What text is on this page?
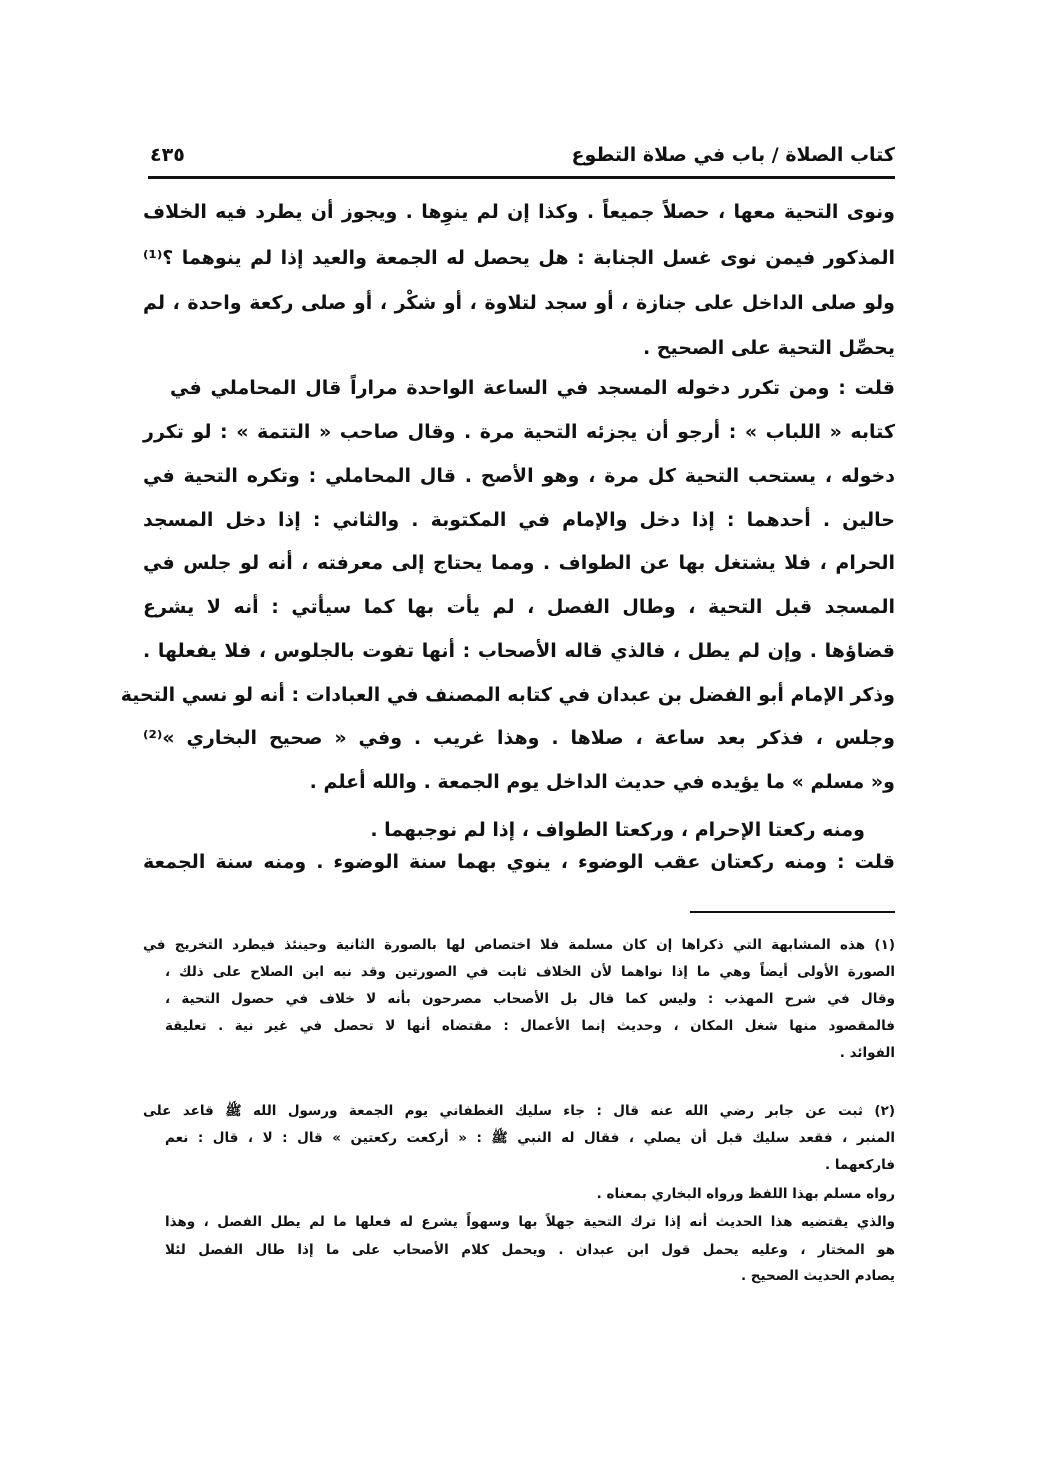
كتاب الصلاة / باب في صلاة التطوع
٤٣٥
ونوى التحية معها ، حصلاً جميعاً . وكذا إن لم ينوِها . ويجوز أن يطرد فيه الخلاف
المذكور فيمن نوى غسل الجنابة : هل يحصل له الجمعة والعيد إذا لم ينوهما ؟⁽¹⁾
ولو صلى الداخل على جنازة ، أو سجد لتلاوة ، أو شكْر ، أو صلى ركعة واحدة ، لم
يحصِّل التحية على الصحيح .
قلت : ومن تكرر دخوله المسجد في الساعة الواحدة مراراً قال المحاملي في
كتابه « اللباب » : أرجو أن يجزئه التحية مرة . وقال صاحب « التتمة » : لو تكرر
دخوله ، يستحب التحية كل مرة ، وهو الأصح . قال المحاملي : وتكره التحية في
حالين . أحدهما : إذا دخل والإمام في المكتوبة . والثاني : إذا دخل المسجد
الحرام ، فلا يشتغل بها عن الطواف . ومما يحتاج إلى معرفته ، أنه لو جلس في
المسجد قبل التحية ، وطال الفصل ، لم يأت بها كما سيأتي : أنه لا يشرع
قضاؤها . وإن لم يطل ، فالذي قاله الأصحاب : أنها تفوت بالجلوس ، فلا يفعلها .
وذكر الإمام أبو الفضل بن عبدان في كتابه المصنف في العبادات : أنه لو نسي التحية
وجلس ، فذكر بعد ساعة ، صلاها . وهذا غريب . وفي « صحيح البخاري »⁽²⁾
و« مسلم » ما يؤيده في حديث الداخل يوم الجمعة . والله أعلم .
ومنه ركعتا الإحرام ، وركعتا الطواف ، إذا لم نوجبهما .
قلت : ومنه ركعتان عقب الوضوء ، ينوي بهما سنة الوضوء . ومنه سنة الجمعة
(١) هذه المشابهة التي ذكراها إن كان مسلمة فلا اختصاص لها بالصورة الثانية وحينئذ فيطرد التخريج في
الصورة الأولى أيضاً وهي ما إذا نواهما لأن الخلاف ثابت في الصورتين وقد نبه ابن الصلاح على ذلك ،
وقال في شرح المهذب : وليس كما قال بل الأصحاب مصرحون بأنه لا خلاف في حصول التحية ،
فالمقصود منها شغل المكان ، وحديث إنما الأعمال : مقتضاه أنها لا تحصل في غير نية . تعليقة
الفوائد .
(٢) ثبت عن جابر رضي الله عنه قال : جاء سليك الغطفاني يوم الجمعة ورسول الله ﷺ قاعد على
المنبر ، فقعد سليك قبل أن يصلي ، فقال له النبي ﷺ : « أركعت ركعتين » قال : لا ، قال : نعم
فاركعهما .
رواه مسلم بهذا اللفظ ورواه البخاري بمعناه .
والذي يقتضيه هذا الحديث أنه إذا ترك التحية جهلاً بها وسهواً يشرع له فعلها ما لم يطل الفصل ، وهذا
هو المختار ، وعليه يحمل قول ابن عبدان . ويحمل كلام الأصحاب على ما إذا طال الفصل لئلا
يصادم الحديث الصحيح .
